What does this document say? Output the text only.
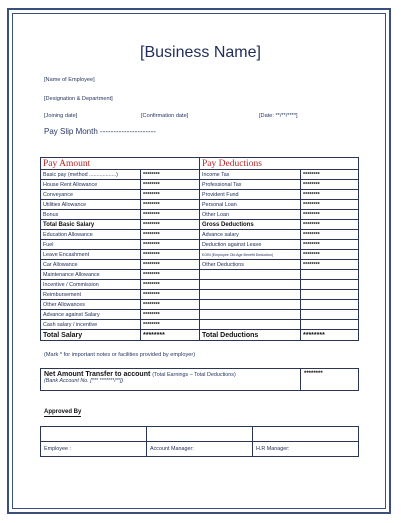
[Business Name]
[Name of Employee]
[Designation & Department]
[Joining date]	[Confirmation date]	[Date: **/**/****]
Pay Slip Month ---------------------
Pay Amount		Pay Deductions	
Basic pay (method ..................)	********	Income Tax	********
House Rent Allowance	********	Professional Tax	********
Conveyance	********	Provident Fund	********
Utilities Allowance	********	Personal Loan	********
Bonus	********	Other Loan	********
Total Basic Salary	********	Gross Deductions	********
Education Allowance	********	Advance salary	********
Fuel	********	Deduction against Leave	********
Leave Encashment	********	EOBI (Employee Old Age Benefit Deduction)	********
Car Allowance	********	Other Deductions	********
Maintenance Allowance	********		
Incentive / Commission	********		
Reimbursement	********		
Other Allowances	********		
Advance against Salary	********		
Cash salary / incentive	********		
Total Salary	********	Total Deductions	********
(Mark * for important notes or facilities provided by employer)
Net Amount Transfer to account (Total Earnings – Total Deductions)
(Bank Account No. [*** *******/**])
	********
Approved By

Employee :	Account Manager:	H.R Manager:
